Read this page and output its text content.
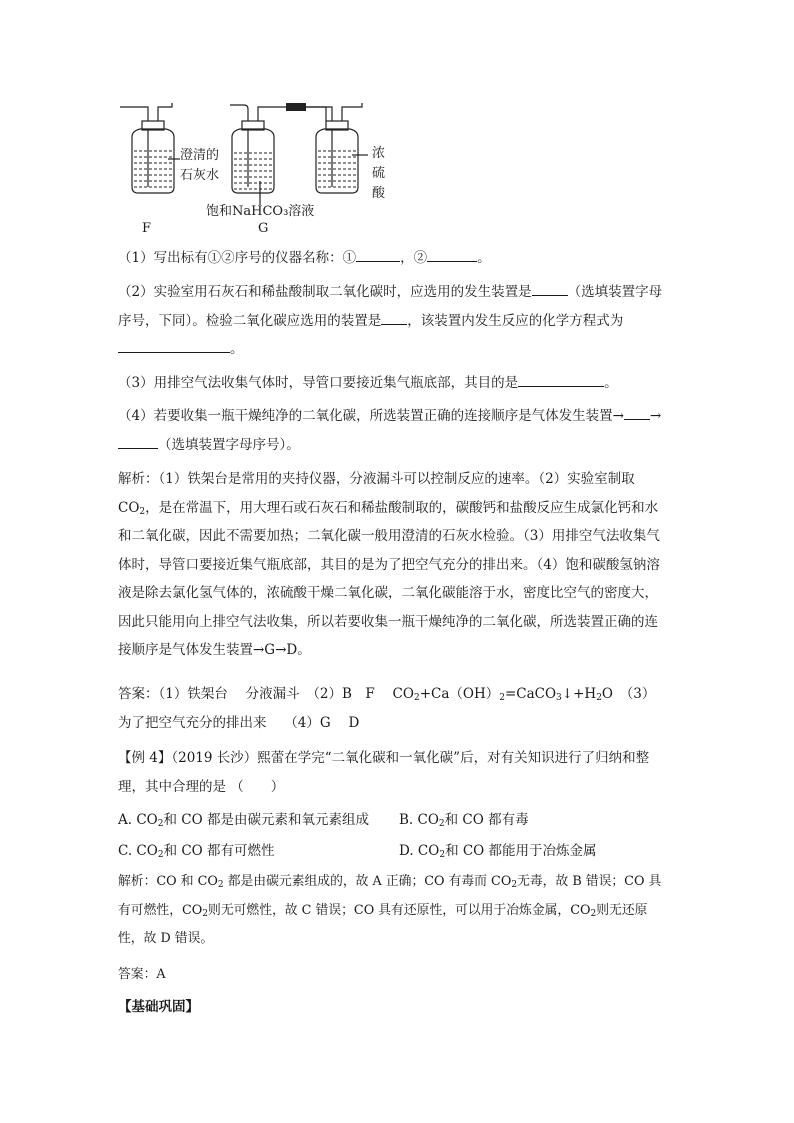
澄清的
石灰水
饱和NaHCO₃溶液
浓
硫
酸
F	G
（1）写出标有①②序号的仪器名称：①	，②	。
（2）实验室用石灰石和稀盐酸制取二氧化碳时，应选用的发生装置是	（选填装置字母
序号，下同）。检验二氧化碳应选用的装置是 ，该装置内发生反应的化学方程式为
。
（3）用排空气法收集气体时，导管口要接近集气瓶底部，其目的是	。
（4）若要收集一瓶干燥纯净的二氧化碳，所选装置正确的连接顺序是气体发生装置→ →
（选填装置字母序号）。
解析：（1）铁架台是常用的夹持仪器，分液漏斗可以控制反应的速率。（2）实验室制取
$CO_2$，是在常温下，用大理石或石灰石和稀盐酸制取的，碳酸钙和盐酸反应生成氯化钙和水
和二氧化碳，因此不需要加热；二氧化碳一般用澄清的石灰水检验。（3）用排空气法收集气
体时，导管口要接近集气瓶底部，其目的是为了把空气充分的排出来。（4）饱和碳酸氢钠溶
液是除去氯化氢气体的，浓硫酸干燥二氧化碳，二氧化碳能溶于水，密度比空气的密度大，
因此只能用向上排空气法收集，所以若要收集一瓶干燥纯净的二氧化碳，所选装置正确的连
接顺序是气体发生装置→G→D。
答案：（1）铁架台　 分液漏斗　（2）B　F　 $CO_2+Ca(OH)_2=CaCO_3↓+H_2O$　（3）
为了把空气充分的排出来　 （4）G　 D
【例 4】（2019 长沙）熙蕾在学完“二氧化碳和一氧化碳”后，对有关知识进行了归纳和整
理，其中合理的是 （　　）
A. $CO_2$和 CO 都是由碳元素和氧元素组成	B. $CO_2$和 CO 都有毒
C. $CO_2$和 CO 都有可燃性	D. $CO_2$和 CO 都能用于冶炼金属
解析：CO 和 $CO_2$ 都是由碳元素组成的，故 A 正确；CO 有毒而 $CO_2$无毒，故 B 错误；CO 具
有可燃性，$CO_2$则无可燃性，故 C 错误；CO 具有还原性，可以用于冶炼金属，$CO_2$则无还原
性，故 D 错误。
答案：A
【基础巩固】
